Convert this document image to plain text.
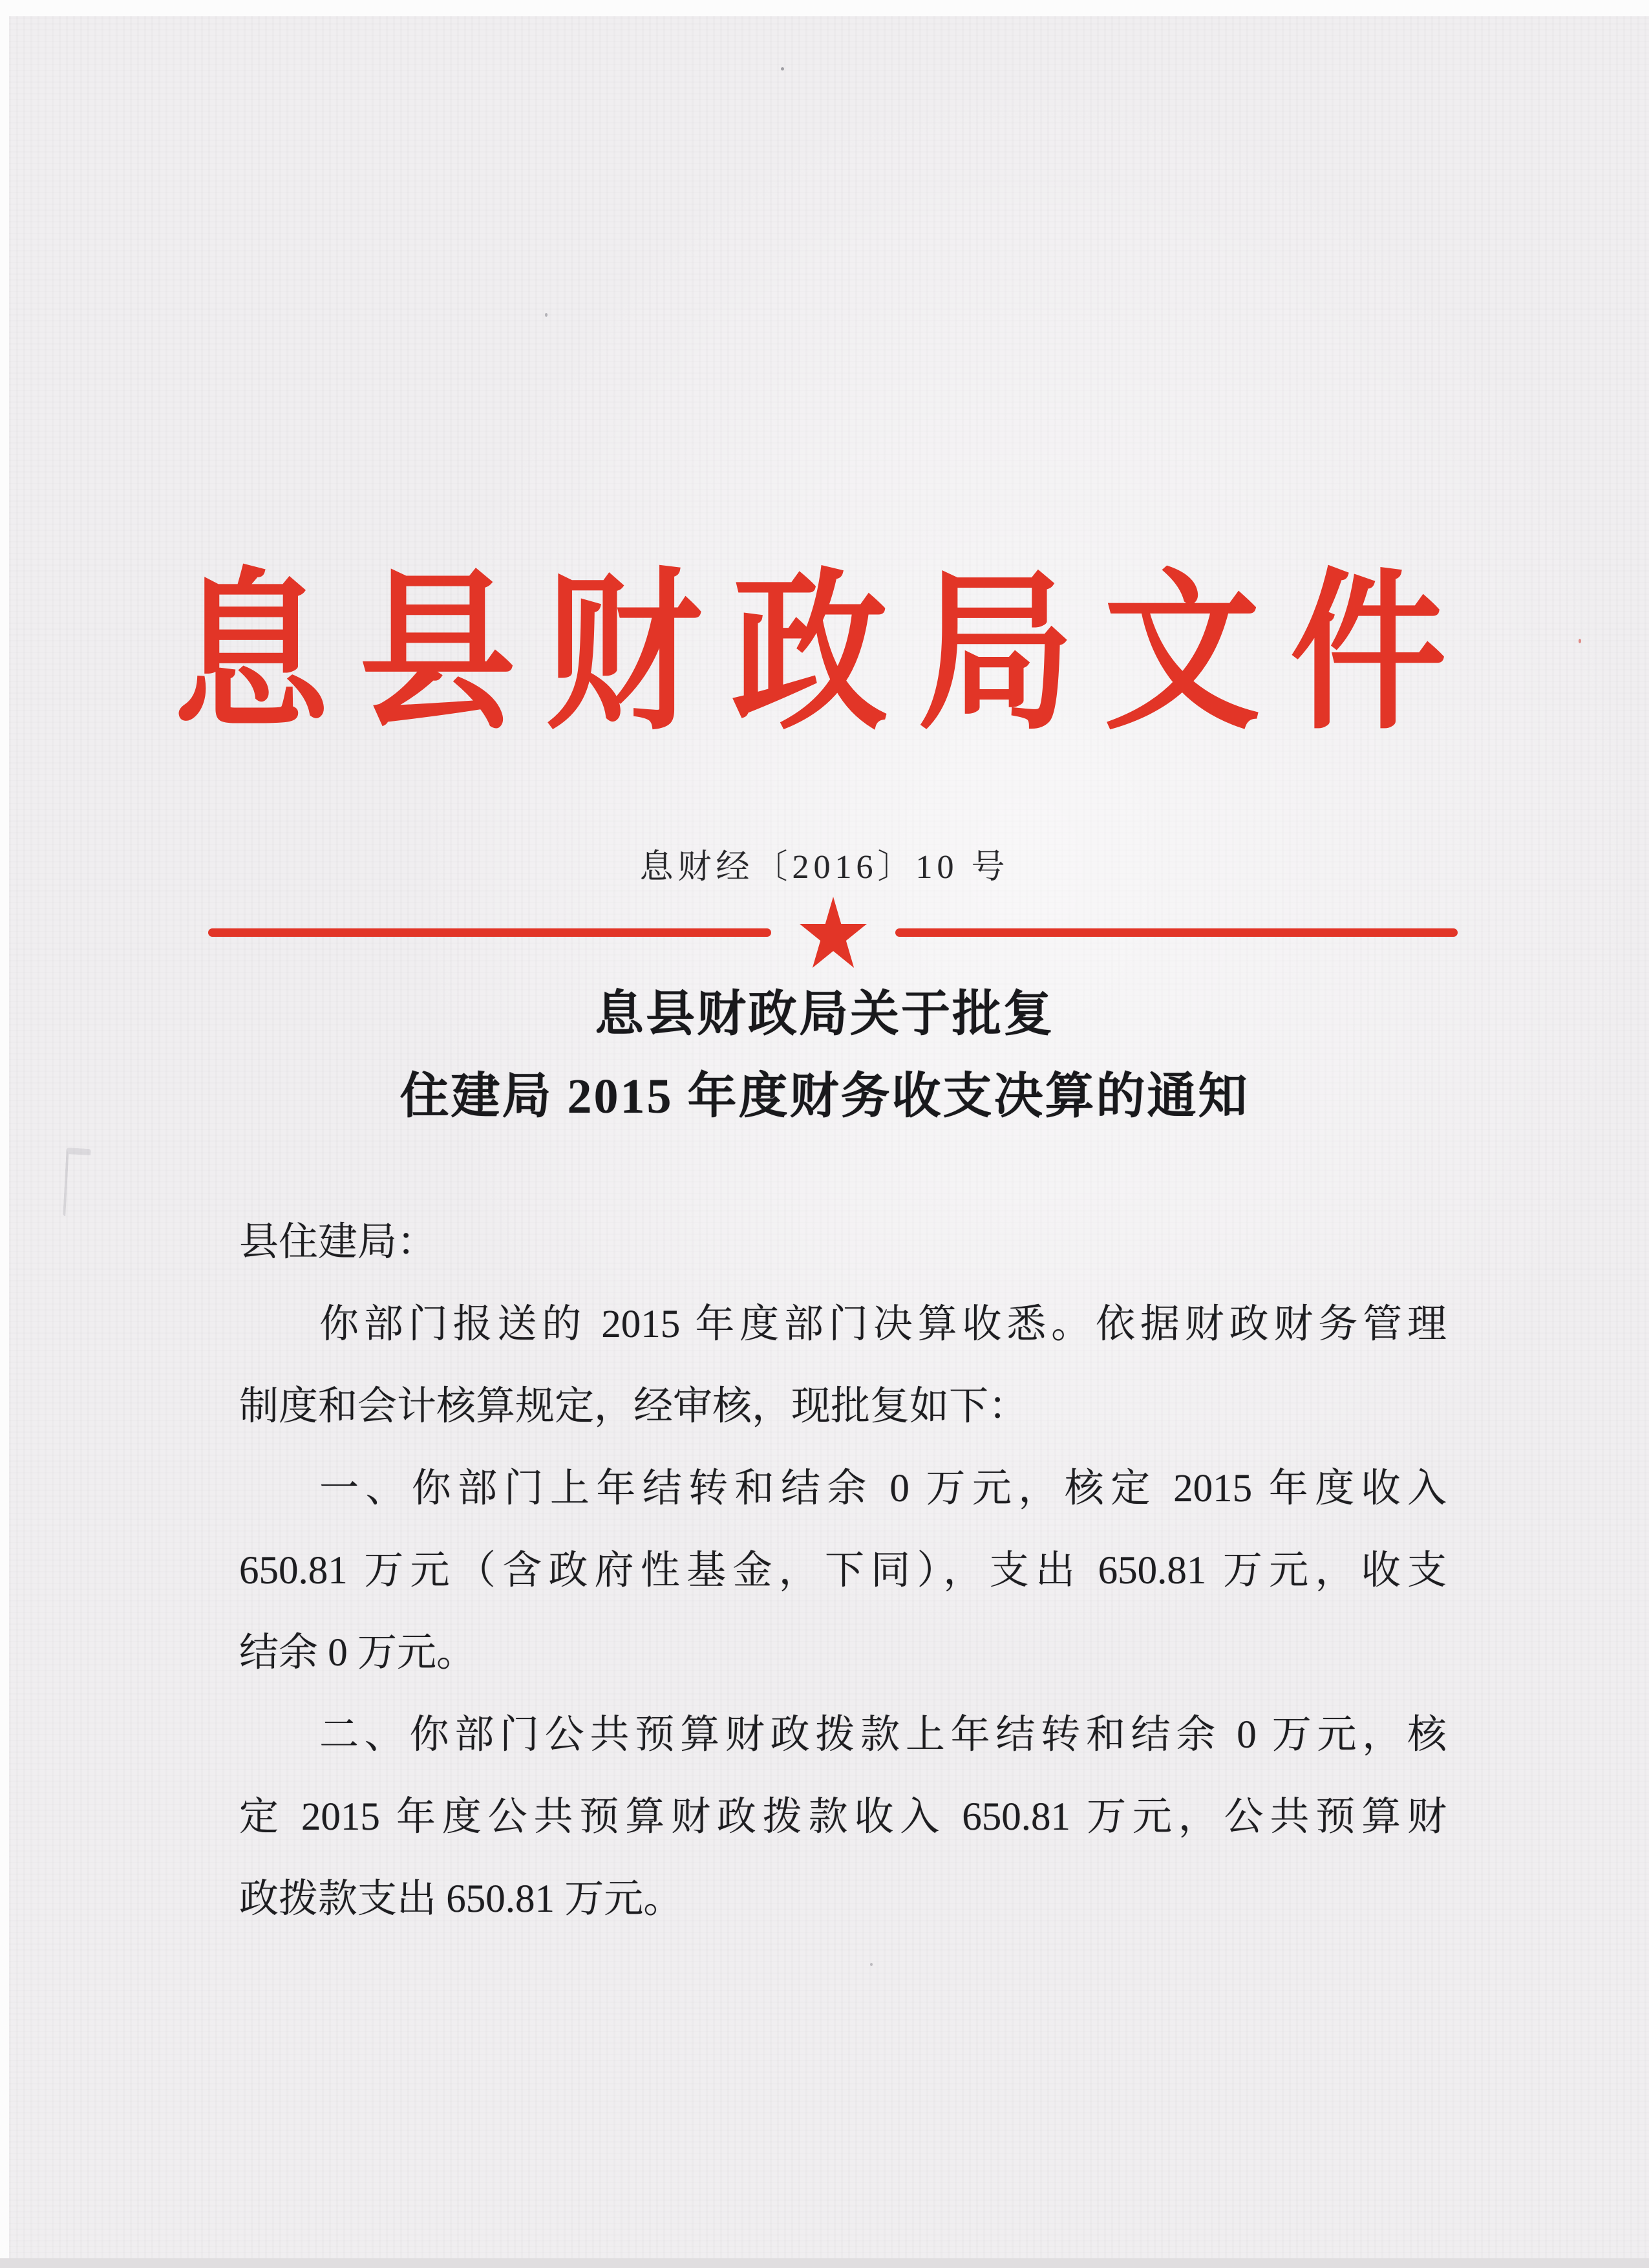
息县财政局文件
息财经〔2016〕10 号
息县财政局关于批复
住建局 2015 年度财务收支决算的通知
县住建局：
你部门报送的 2015 年度部门决算收悉。依据财政财务管理
制度和会计核算规定，经审核，现批复如下：
一、你部门上年结转和结余 0 万元，核定 2015 年度收入
650.81 万元（含政府性基金，下同），支出 650.81 万元，收支
结余 0 万元。
二、你部门公共预算财政拨款上年结转和结余 0 万元，核
定 2015 年度公共预算财政拨款收入 650.81 万元，公共预算财
政拨款支出 650.81 万元。
